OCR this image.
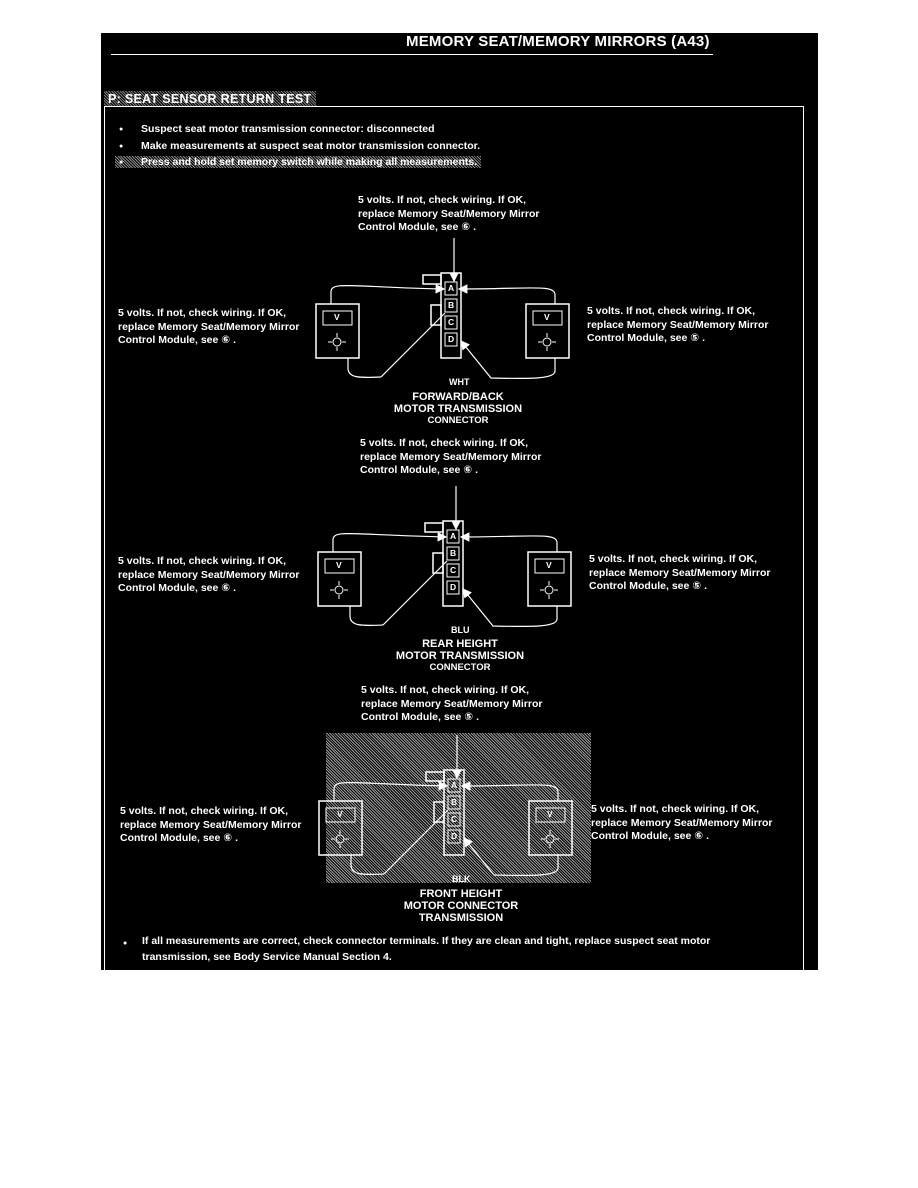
MEMORY SEAT/MEMORY MIRRORS (A43)
P: SEAT SENSOR RETURN TEST
● Suspect seat motor transmission connector: disconnected
● Make measurements at suspect seat motor transmission connector.
● Press and hold set memory switch while making all measurements.
5 volts. If not, check wiring. If OK,
replace Memory Seat/Memory Mirror
Control Module, see ⑥ .
5 volts. If not, check wiring. If OK,
replace Memory Seat/Memory Mirror
Control Module, see ⑥ .
5 volts. If not, check wiring. If OK,
replace Memory Seat/Memory Mirror
Control Module, see ⑤ .
WHT
FORWARD/BACK
MOTOR TRANSMISSION
CONNECTOR
5 volts. If not, check wiring. If OK,
replace Memory Seat/Memory Mirror
Control Module, see ⑥ .
5 volts. If not, check wiring. If OK,
replace Memory Seat/Memory Mirror
Control Module, see ⑥ .
5 volts. If not, check wiring. If OK,
replace Memory Seat/Memory Mirror
Control Module, see ⑤ .
BLU
REAR HEIGHT
MOTOR TRANSMISSION
CONNECTOR
5 volts. If not, check wiring. If OK,
replace Memory Seat/Memory Mirror
Control Module, see ⑤ .
5 volts. If not, check wiring. If OK,
replace Memory Seat/Memory Mirror
Control Module, see ⑥ .
5 volts. If not, check wiring. If OK,
replace Memory Seat/Memory Mirror
Control Module, see ⑥ .
BLK
FRONT HEIGHT
MOTOR CONNECTOR
TRANSMISSION
A
B
C
D
V	V
A
B
C
D
V	V
A
B
C
D
V	V
● If all measurements are correct, check connector terminals. If they are clean and tight, replace suspect seat motor
transmission, see Body Service Manual Section 4.
